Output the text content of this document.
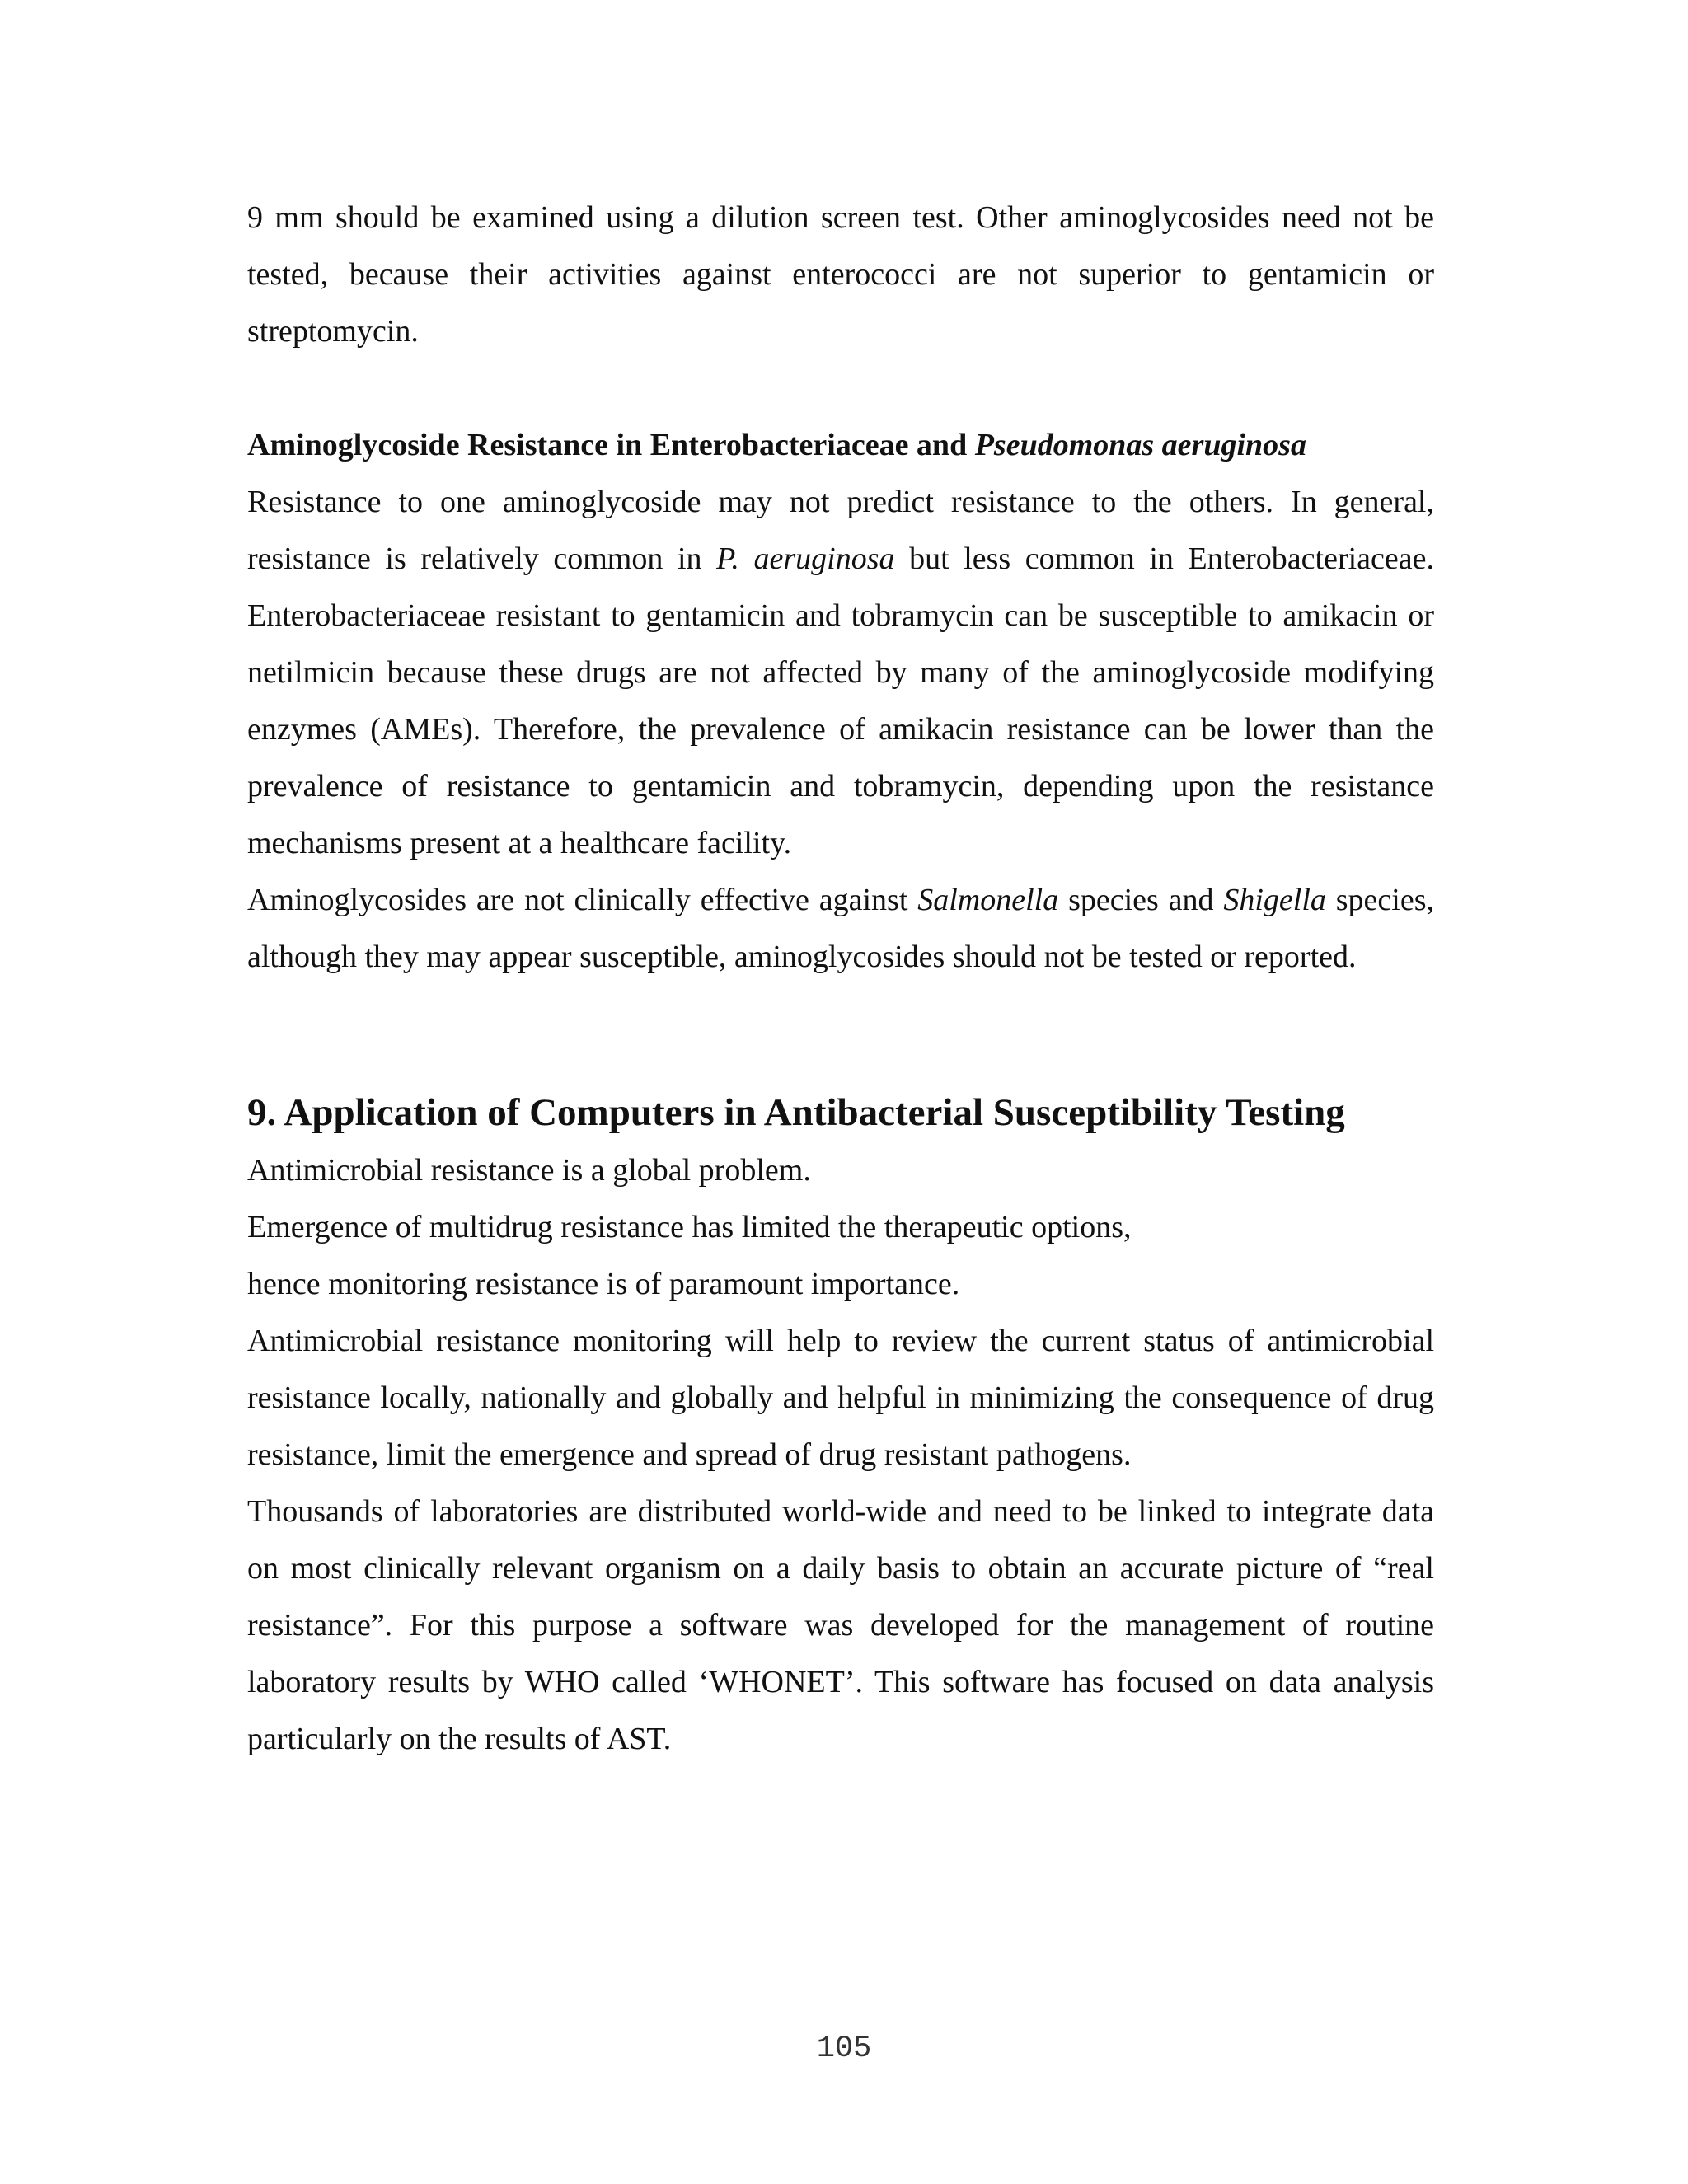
9 mm should be examined using a dilution screen test. Other aminoglycosides need not be tested, because their activities against enterococci are not superior to gentamicin or streptomycin.

Aminoglycoside Resistance in Enterobacteriaceae and Pseudomonas aeruginosa

Resistance to one aminoglycoside may not predict resistance to the others. In general, resistance is relatively common in P. aeruginosa but less common in Enterobacteriaceae. Enterobacteriaceae resistant to gentamicin and tobramycin can be susceptible to amikacin or netilmicin because these drugs are not affected by many of the aminoglycoside modifying enzymes (AMEs). Therefore, the prevalence of amikacin resistance can be lower than the prevalence of resistance to gentamicin and tobramycin, depending upon the resistance mechanisms present at a healthcare facility.

Aminoglycosides are not clinically effective against Salmonella species and Shigella species, although they may appear susceptible, aminoglycosides should not be tested or reported.

9. Application of Computers in Antibacterial Susceptibility Testing

Antimicrobial resistance is a global problem.

Emergence of multidrug resistance has limited the therapeutic options,

hence monitoring resistance is of paramount importance.

Antimicrobial resistance monitoring will help to review the current status of antimicrobial resistance locally, nationally and globally and helpful in minimizing the consequence of drug resistance, limit the emergence and spread of drug resistant pathogens.

Thousands of laboratories are distributed world-wide and need to be linked to integrate data on most clinically relevant organism on a daily basis to obtain an accurate picture of “real resistance”. For this purpose a software was developed for the management of routine laboratory results by WHO called ‘WHONET’. This software has focused on data analysis particularly on the results of AST.

105
